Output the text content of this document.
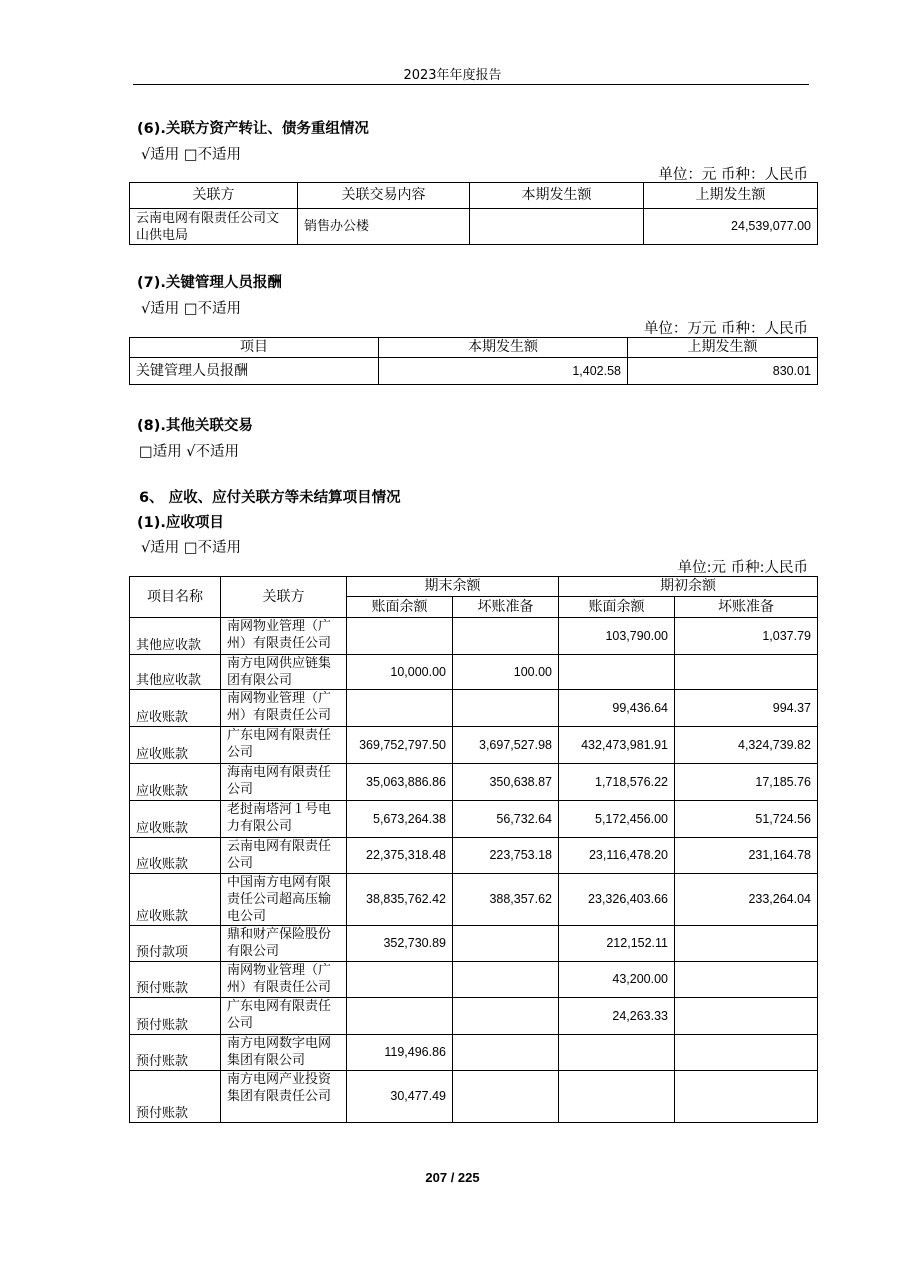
2023年年度报告
(6).关联方资产转让、债务重组情况
√适用 □不适用
单位：元 币种：人民币
关联方	关联交易内容	本期发生额	上期发生额
云南电网有限责任公司文山供电局	销售办公楼		24,539,077.00
(7).关键管理人员报酬
√适用 □不适用
单位：万元 币种：人民币
项目	本期发生额	上期发生额
关键管理人员报酬	1,402.58	830.01
(8).其他关联交易
□适用 √不适用
6、 应收、应付关联方等未结算项目情况
(1).应收项目
√适用 □不适用
单位:元 币种:人民币
项目名称	关联方	期末余额		期初余额	
		账面余额	坏账准备	账面余额	坏账准备
其他应收款	南网物业管理（广州）有限责任公司			103,790.00	1,037.79
其他应收款	南方电网供应链集团有限公司	10,000.00	100.00		
应收账款	南网物业管理（广州）有限责任公司			99,436.64	994.37
应收账款	广东电网有限责任公司	369,752,797.50	3,697,527.98	432,473,981.91	4,324,739.82
应收账款	海南电网有限责任公司	35,063,886.86	350,638.87	1,718,576.22	17,185.76
应收账款	老挝南塔河１号电力有限公司	5,673,264.38	56,732.64	5,172,456.00	51,724.56
应收账款	云南电网有限责任公司	22,375,318.48	223,753.18	23,116,478.20	231,164.78
应收账款	中国南方电网有限责任公司超高压输电公司	38,835,762.42	388,357.62	23,326,403.66	233,264.04
预付款项	鼎和财产保险股份有限公司	352,730.89		212,152.11	
预付账款	南网物业管理（广州）有限责任公司			43,200.00	
预付账款	广东电网有限责任公司			24,263.33	
预付账款	南方电网数字电网集团有限公司	119,496.86			
预付账款	南方电网产业投资集团有限责任公司	30,477.49			
207 / 225
